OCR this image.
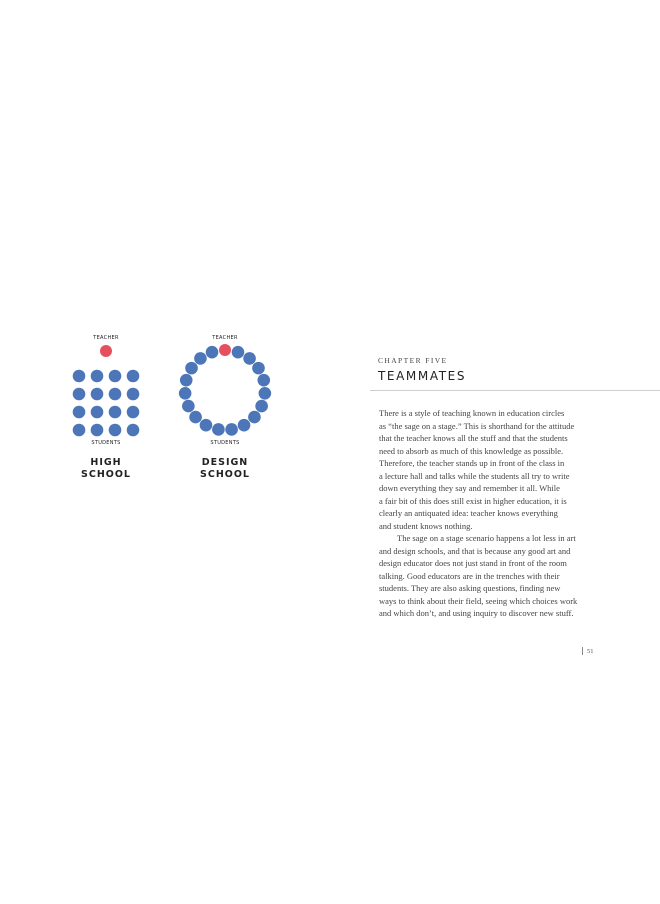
TEACHER
STUDENTS
HIGH
SCHOOL
TEACHER
STUDENTS
DESIGN
SCHOOL
CHAPTER FIVE
TEAMMATES
There is a style of teaching known in education circles
as “the sage on a stage.” This is shorthand for the attitude
that the teacher knows all the stuff and that the students
need to absorb as much of this knowledge as possible.
Therefore, the teacher stands up in front of the class in
a lecture hall and talks while the students all try to write
down everything they say and remember it all. While
a fair bit of this does still exist in higher education, it is
clearly an antiquated idea: teacher knows everything
and student knows nothing.
The sage on a stage scenario happens a lot less in art
and design schools, and that is because any good art and
design educator does not just stand in front of the room
talking. Good educators are in the trenches with their
students. They are also asking questions, finding new
ways to think about their field, seeing which choices work
and which don’t, and using inquiry to discover new stuff.
51
